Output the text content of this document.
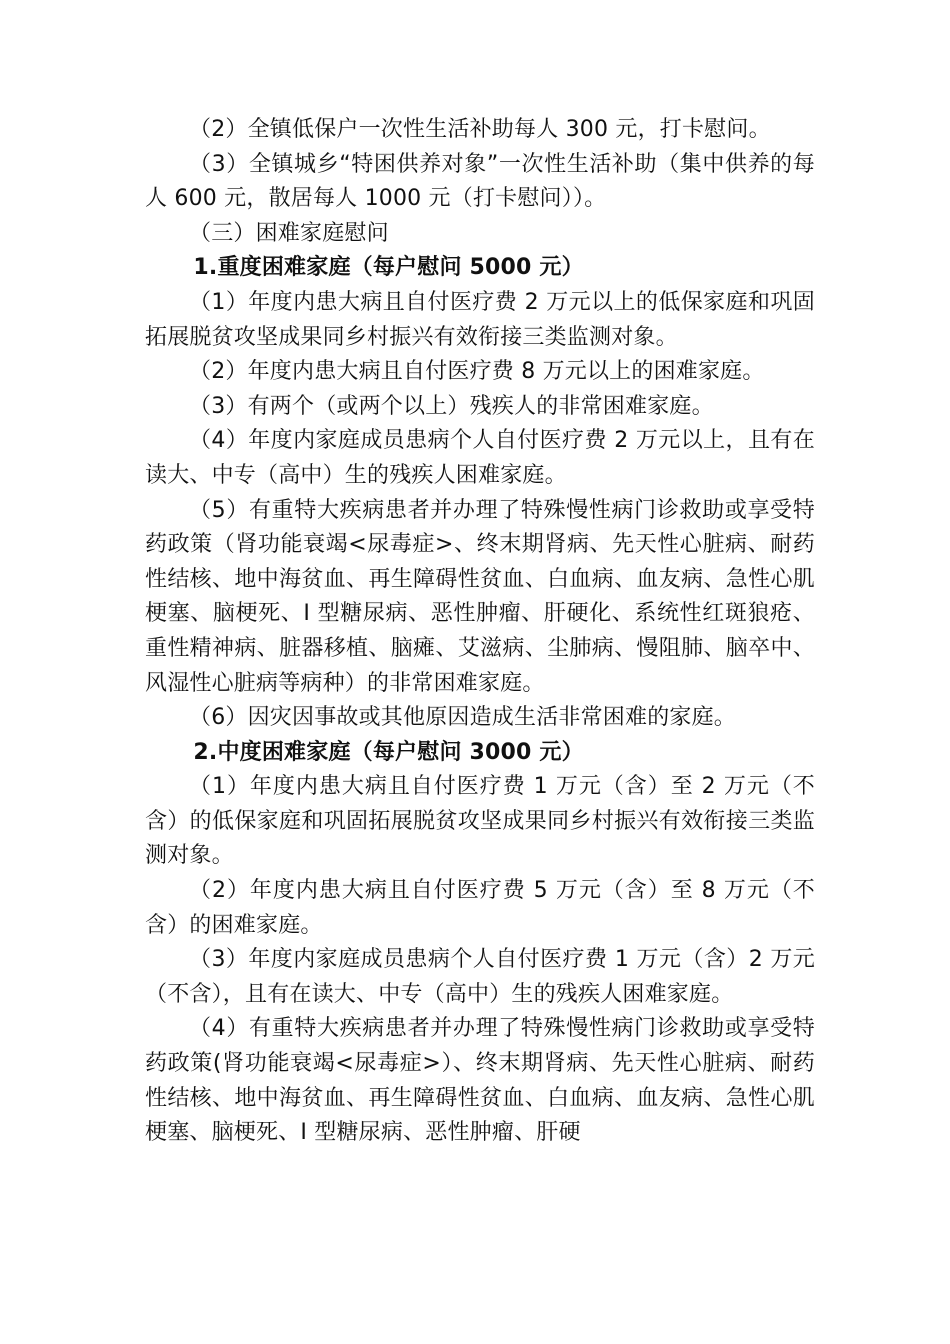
（2）全镇低保户一次性生活补助每人 300 元，打卡慰问。

（3）全镇城乡“特困供养对象”一次性生活补助（集中供养的每人 600 元，散居每人 1000 元（打卡慰问））。

（三）困难家庭慰问

1.重度困难家庭（每户慰问 5000 元）

（1）年度内患大病且自付医疗费 2 万元以上的低保家庭和巩固拓展脱贫攻坚成果同乡村振兴有效衔接三类监测对象。

（2）年度内患大病且自付医疗费 8 万元以上的困难家庭。

（3）有两个（或两个以上）残疾人的非常困难家庭。

（4）年度内家庭成员患病个人自付医疗费 2 万元以上，且有在读大、中专（高中）生的残疾人困难家庭。

（5）有重特大疾病患者并办理了特殊慢性病门诊救助或享受特药政策（肾功能衰竭<尿毒症>、终末期肾病、先天性心脏病、耐药性结核、地中海贫血、再生障碍性贫血、白血病、血友病、急性心肌梗塞、脑梗死、I 型糖尿病、恶性肿瘤、肝硬化、系统性红斑狼疮、重性精神病、脏器移植、脑瘫、艾滋病、尘肺病、慢阻肺、脑卒中、风湿性心脏病等病种）的非常困难家庭。

（6）因灾因事故或其他原因造成生活非常困难的家庭。

2.中度困难家庭（每户慰问 3000 元）

（1）年度内患大病且自付医疗费 1 万元（含）至 2 万元（不含）的低保家庭和巩固拓展脱贫攻坚成果同乡村振兴有效衔接三类监测对象。

（2）年度内患大病且自付医疗费 5 万元（含）至 8 万元（不含）的困难家庭。

（3）年度内家庭成员患病个人自付医疗费 1 万元（含）2 万元（不含），且有在读大、中专（高中）生的残疾人困难家庭。

（4）有重特大疾病患者并办理了特殊慢性病门诊救助或享受特药政策(肾功能衰竭<尿毒症>）、终末期肾病、先天性心脏病、耐药性结核、地中海贫血、再生障碍性贫血、白血病、血友病、急性心肌梗塞、脑梗死、I 型糖尿病、恶性肿瘤、肝硬
